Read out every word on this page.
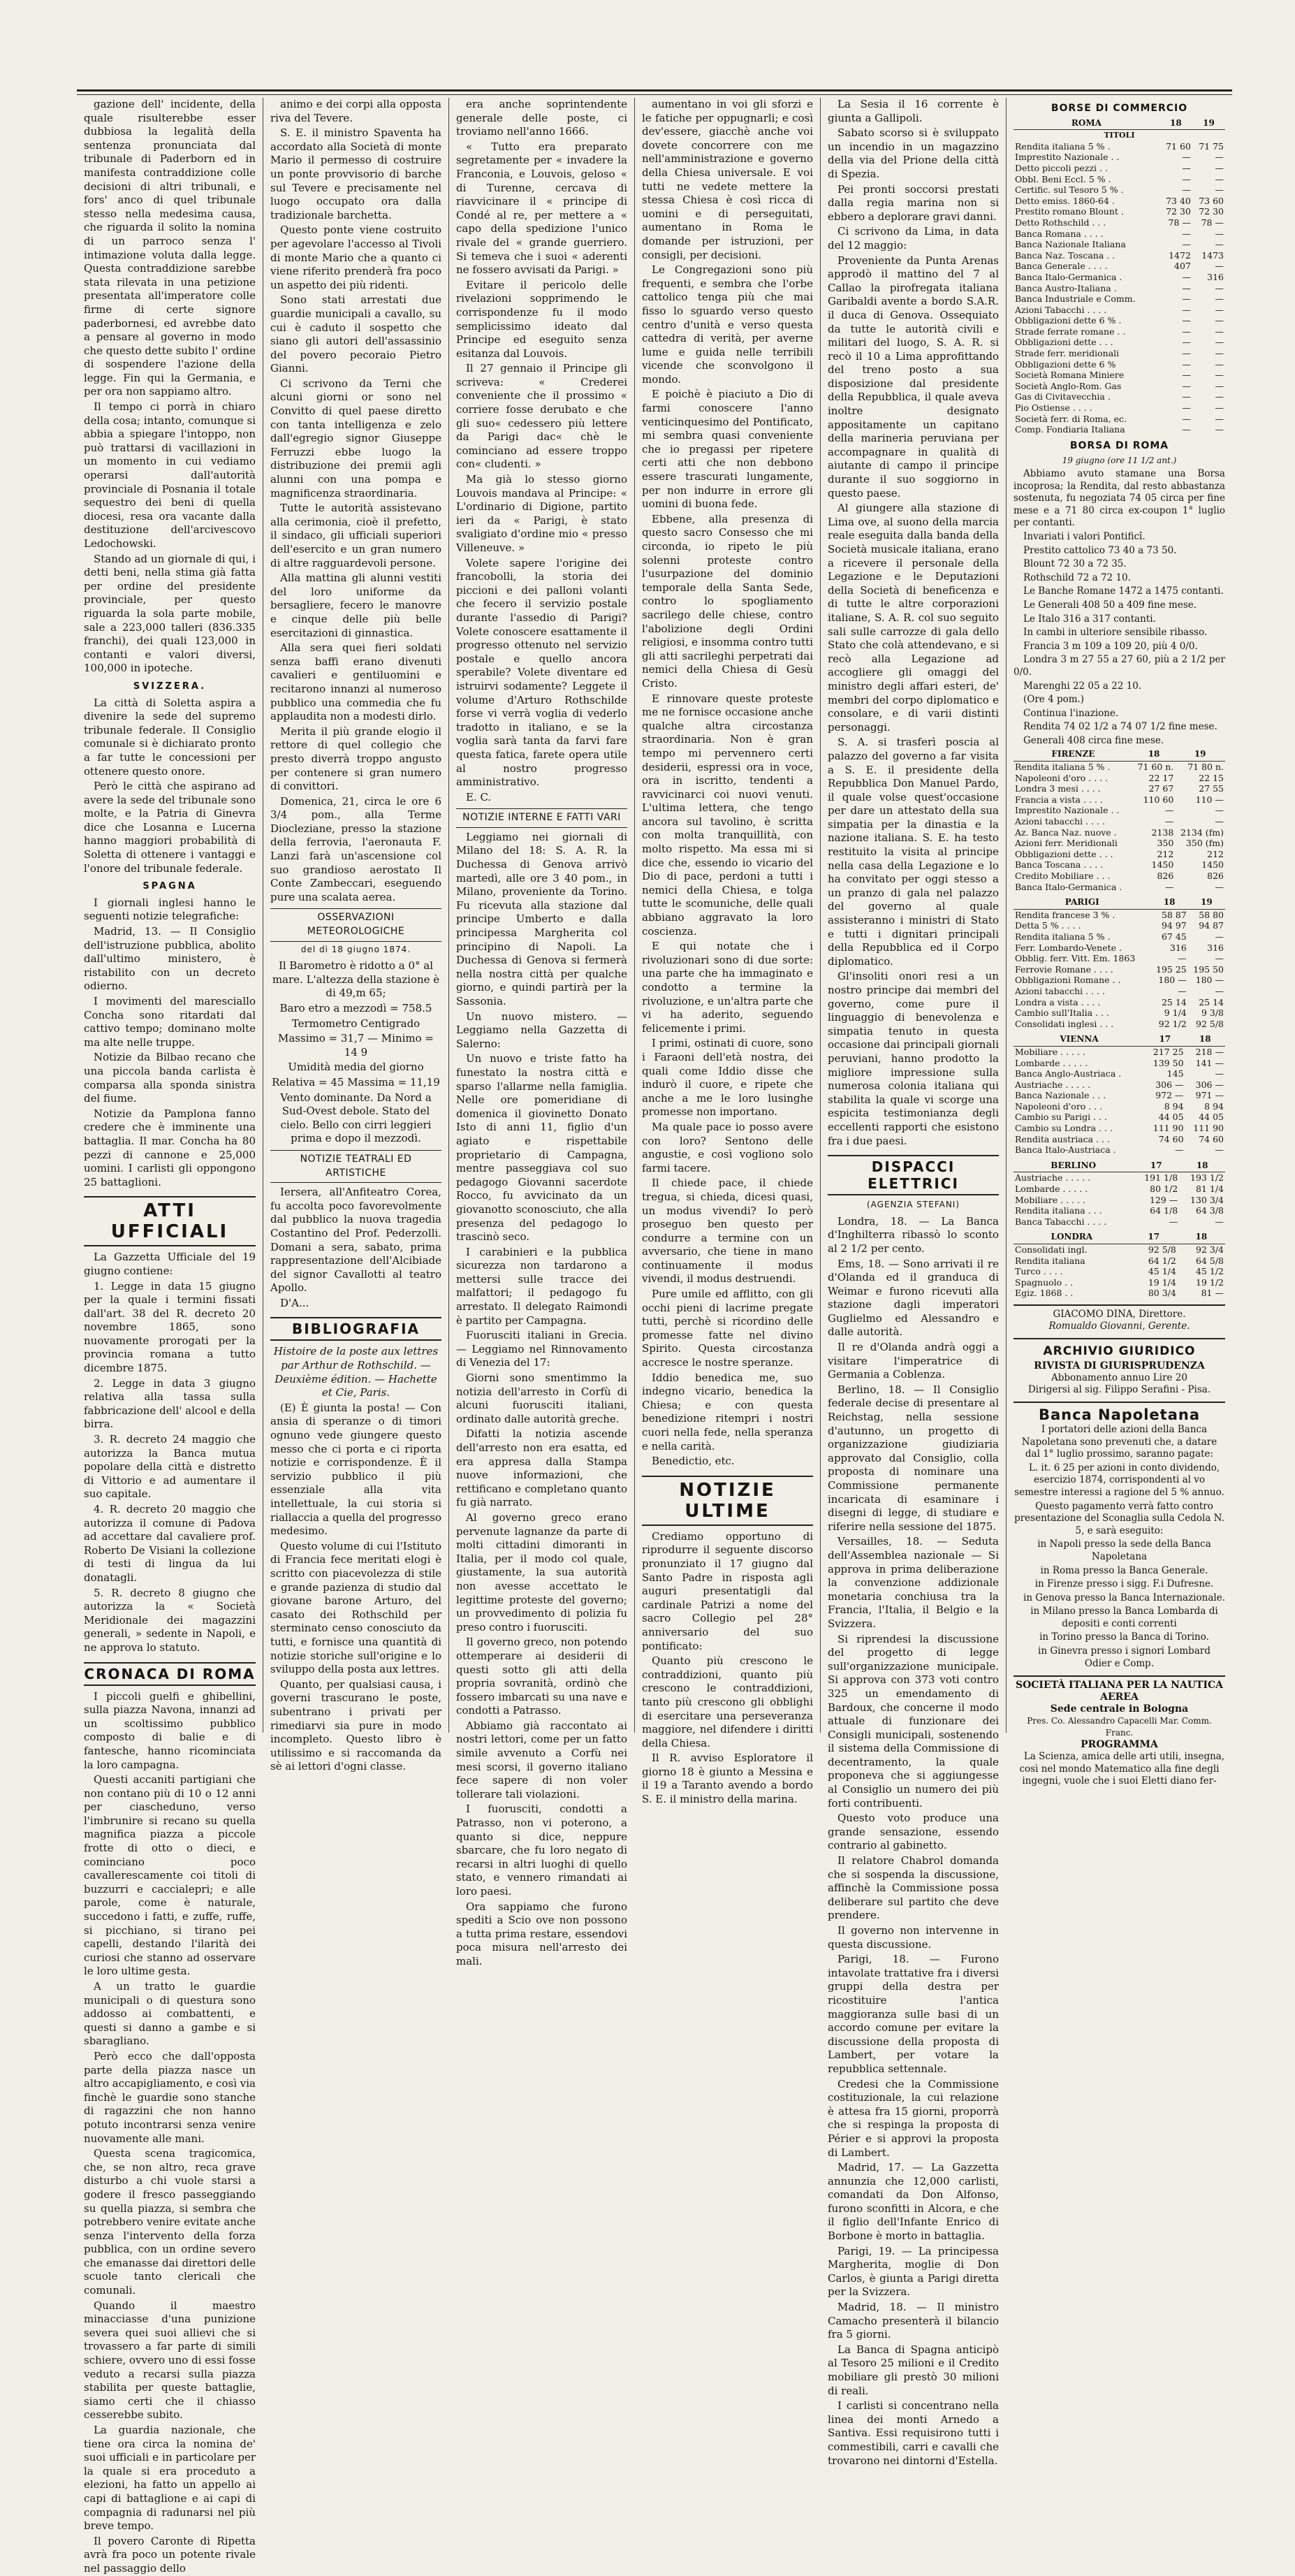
gazione dell' incidente, della quale risulterebbe esser dubbiosa la legalità della sentenza pronunciata dal tribunale di Paderborn ed in manifesta contraddizione colle decisioni di altri tribunali, e fors' anco di quel tribunale stesso nella medesima causa, che riguarda il solito la nomina di un parroco senza l' intimazione voluta dalla legge. Questa contraddizione sarebbe stata rilevata in una petizione presentata all'imperatore colle firme di certe signore paderbornesi, ed avrebbe dato a pensare al governo in modo che questo dette subito l' ordine di sospendere l'azione della legge. Fin qui la Germania, e per ora non sappiamo altro.

Il tempo ci porrà in chiaro della cosa; intanto, comunque si abbia a spiegare l'intoppo, non può trattarsi di vacillazioni in un momento in cui vediamo operarsi dall'autorità provinciale di Posnania il totale sequestro dei beni di quella diocesi, resa ora vacante dalla destituzione dell'arcivescovo Ledochowski.

Stando ad un giornale di qui, i detti beni, nella stima già fatta per ordine del presidente provinciale, per questo riguarda la sola parte mobile, sale a 223,000 talleri (836.335 franchi), dei quali 123,000 in contanti e valori diversi, 100,000 in ipoteche.

SVIZZERA.

La città di Soletta aspira a divenire la sede del supremo tribunale federale. Il Consiglio comunale si è dichiarato pronto a far tutte le concessioni per ottenere questo onore.

Però le città che aspirano ad avere la sede del tribunale sono molte, e la Patria di Ginevra dice che Losanna e Lucerna hanno maggiori probabilità di Soletta di ottenere i vantaggi e l'onore del tribunale federale.

SPAGNA

I giornali inglesi hanno le seguenti notizie telegrafiche:

Madrid, 13. — Il Consiglio dell'istruzione pubblica, abolito dall'ultimo ministero, è ristabilito con un decreto odierno.

I movimenti del maresciallo Concha sono ritardati dal cattivo tempo; dominano molte ma alte nelle truppe.

Notizie da Bilbao recano che una piccola banda carlista è comparsa alla sponda sinistra del fiume.

Notizie da Pamplona fanno credere che è imminente una battaglia. Il mar. Concha ha 80 pezzi di cannone e 25,000 uomini. I carlisti gli oppongono 25 battaglioni.

ATTI UFFICIALI

La Gazzetta Ufficiale del 19 giugno contiene:

1. Legge in data 15 giugno per la quale i termini fissati dall'art. 38 del R. decreto 20 novembre 1865, sono nuovamente prorogati per la provincia romana a tutto dicembre 1875.

2. Legge in data 3 giugno relativa alla tassa sulla fabbricazione dell' alcool e della birra.

3. R. decreto 24 maggio che autorizza la Banca mutua popolare della città e distretto di Vittorio e ad aumentare il suo capitale.

4. R. decreto 20 maggio che autorizza il comune di Padova ad accettare dal cavaliere prof. Roberto De Visiani la collezione di testi di lingua da lui donatagli.

5. R. decreto 8 giugno che autorizza la « Società Meridionale dei magazzini generali, » sedente in Napoli, e ne approva lo statuto.

CRONACA DI ROMA

I piccoli guelfi e ghibellini, sulla piazza Navona, innanzi ad un scoltissimo pubblico composto di balie e di fantesche, hanno ricominciata la loro campagna.

Questi accaniti partigiani che non contano più di 10 o 12 anni per ciascheduno, verso l'imbrunire si recano su quella magnifica piazza a piccole frotte di otto o dieci, e cominciano poco cavallerescamente coi titoli di buzzurri e caccialepri; e alle parole, come è naturale, succedono i fatti, e zuffe, ruffe, si picchiano, si tirano pei capelli, destando l'ilarità dei curiosi che stanno ad osservare le loro ultime gesta.

A un tratto le guardie municipali o di questura sono addosso ai combattenti, e questi si danno a gambe e si sbaragliano.

Però ecco che dall'opposta parte della piazza nasce un altro accapigliamento, e così via finchè le guardie sono stanche di ragazzini che non hanno potuto incontrarsi senza venire nuovamente alle mani.

Questa scena tragicomica, che, se non altro, reca grave disturbo a chi vuole starsi a godere il fresco passeggiando su quella piazza, si sembra che potrebbero venire evitate anche senza l'intervento della forza pubblica, con un ordine severo che emanasse dai direttori delle scuole tanto clericali che comunali.

Quando il maestro minacciasse d'una punizione severa quei suoi allievi che si trovassero a far parte di simili schiere, ovvero uno di essi fosse veduto a recarsi sulla piazza stabilita per queste battaglie, siamo certi che il chiasso cesserebbe subito.

La guardia nazionale, che tiene ora circa la nomina de' suoi ufficiali e in particolare per la quale si era proceduto a elezioni, ha fatto un appello ai capi di battaglione e ai capi di compagnia di radunarsi nel più breve tempo.

Il povero Caronte di Ripetta avrà fra poco un potente rivale nel passaggio dello

animo e dei corpi alla opposta riva del Tevere.

S. E. il ministro Spaventa ha accordato alla Società di monte Mario il permesso di costruire un ponte provvisorio di barche sul Tevere e precisamente nel luogo occupato ora dalla tradizionale barchetta.

Questo ponte viene costruito per agevolare l'accesso al Tivoli di monte Mario che a quanto ci viene riferito prenderà fra poco un aspetto dei più ridenti.

Sono stati arrestati due guardie municipali a cavallo, su cui è caduto il sospetto che siano gli autori dell'assassinio del povero pecoraio Pietro Gianni.

Ci scrivono da Terni che alcuni giorni or sono nel Convitto di quel paese diretto con tanta intelligenza e zelo dall'egregio signor Giuseppe Ferruzzi ebbe luogo la distribuzione dei premii agli alunni con una pompa e magnificenza straordinaria.

Tutte le autorità assistevano alla cerimonia, cioè il prefetto, il sindaco, gli ufficiali superiori dell'esercito e un gran numero di altre ragguardevoli persone.

Alla mattina gli alunni vestiti del loro uniforme da bersagliere, fecero le manovre e cinque delle più belle esercitazioni di ginnastica.

Alla sera quei fieri soldati senza baffi erano divenuti cavalieri e gentiluomini e recitarono innanzi al numeroso pubblico una commedia che fu applaudita non a modesti dirlo.

Merita il più grande elogio il rettore di quel collegio che presto diverrà troppo angusto per contenere si gran numero di convittori.

Domenica, 21, circa le ore 6 3/4 pom., alla Terme Diocleziane, presso la stazione della ferrovia, l'aeronauta F. Lanzi farà un'ascensione col suo grandioso aerostato Il Conte Zambeccari, eseguendo pure una scalata aerea.

OSSERVAZIONI METEOROLOGICHE
del dì 18 giugno 1874.

Il Barometro è ridotto a 0° al mare. L'altezza della stazione è di 49,m 65;

Baro etro a mezzodì = 758.5

Termometro Centigrado

Massimo = 31,7 — Minimo = 14 9

Umidità media del giorno

Relativa = 45 Massima = 11,19

Vento dominante. Da Nord a Sud-Ovest debole. Stato del cielo. Bello con cirri leggieri prima e dopo il mezzodì.

NOTIZIE TEATRALI ED ARTISTICHE

Iersera, all'Anfiteatro Corea, fu accolta poco favorevolmente dal pubblico la nuova tragedia Costantino del Prof. Pederzolli. Domani a sera, sabato, prima rappresentazione dell'Alcibiade del signor Cavallotti al teatro Apollo.

D'A...

BIBLIOGRAFIA

Histoire de la poste aux lettres par Arthur de Rothschild. — Deuxième édition. — Hachette et Cie, Paris.

(E) È giunta la posta! — Con ansia di speranze o di timori ognuno vede giungere questo messo che ci porta e ci riporta notizie e corrispondenze. È il servizio pubblico il più essenziale alla vita intellettuale, la cui storia si riallaccia a quella del progresso medesimo.

Questo volume di cui l'Istituto di Francia fece meritati elogi è scritto con piacevolezza di stile e grande pazienza di studio dal giovane barone Arturo, del casato dei Rothschild per sterminato censo conosciuto da tutti, e fornisce una quantità di notizie storiche sull'origine e lo sviluppo della posta aux lettres.

Quanto, per qualsiasi causa, i governi trascurano le poste, subentrano i privati per rimediarvi sia pure in modo incompleto. Questo libro è utilissimo e si raccomanda da sè ai lettori d'ogni classe.

era anche soprintendente generale delle poste, ci troviamo nell'anno 1666.

« Tutto era preparato segretamente per « invadere la Franconia, e Louvois, geloso « di Turenne, cercava di riavvicinare il « principe di Condé al re, per mettere a « capo della spedizione l'unico rivale del « grande guerriero. Si temeva che i suoi « aderenti ne fossero avvisati da Parigi. »

Evitare il pericolo delle rivelazioni sopprimendo le corrispondenze fu il modo semplicissimo ideato dal Principe ed eseguito senza esitanza dal Louvois.

Il 27 gennaio il Principe gli scriveva: « Crederei conveniente che il prossimo « corriere fosse derubato e che gli suo« cedessero più lettere da Parigi dac« chè le cominciano ad essere troppo con« cludenti. »

Ma già lo stesso giorno Louvois mandava al Principe: « L'ordinario di Digione, partito ieri da « Parigi, è stato svaligiato d'ordine mio « presso Villeneuve. »

Volete sapere l'origine dei francobolli, la storia dei piccioni e dei palloni volanti che fecero il servizio postale durante l'assedio di Parigi? Volete conoscere esattamente il progresso ottenuto nel servizio postale e quello ancora sperabile? Volete diventare ed istruirvi sodamente? Leggete il volume d'Arturo Rothschilde forse vi verrà voglia di vederlo tradotto in italiano, e se la voglia sarà tanta da farvi fare questa fatica, farete opera utile al nostro progresso amministrativo.

E. C.

NOTIZIE INTERNE E FATTI VARI

Leggiamo nei giornali di Milano del 18: S. A. R. la Duchessa di Genova arrivò martedì, alle ore 3 40 pom., in Milano, proveniente da Torino. Fu ricevuta alla stazione dal principe Umberto e dalla principessa Margherita col principino di Napoli. La Duchessa di Genova si fermerà nella nostra città per qualche giorno, e quindi partirà per la Sassonia.

Un nuovo mistero. — Leggiamo nella Gazzetta di Salerno:

Un nuovo e triste fatto ha funestato la nostra città e sparso l'allarme nella famiglia. Nelle ore pomeridiane di domenica il giovinetto Donato Isto di anni 11, figlio d'un agiato e rispettabile proprietario di Campagna, mentre passeggiava col suo pedagogo Giovanni sacerdote Rocco, fu avvicinato da un giovanotto sconosciuto, che alla presenza del pedagogo lo trascinò seco.

I carabinieri e la pubblica sicurezza non tardarono a mettersi sulle tracce dei malfattori; il pedagogo fu arrestato. Il delegato Raimondi è partito per Campagna.

Fuorusciti italiani in Grecia. — Leggiamo nel Rinnovamento di Venezia del 17:

Giorni sono smentimmo la notizia dell'arresto in Corfù di alcuni fuorusciti italiani, ordinato dalle autorità greche.

Difatti la notizia ascende dell'arresto non era esatta, ed era appresa dalla Stampa nuove informazioni, che rettificano e completano quanto fu già narrato.

Al governo greco erano pervenute lagnanze da parte di molti cittadini dimoranti in Italia, per il modo col quale, giustamente, la sua autorità non avesse accettato le legittime proteste del governo; un provvedimento di polizia fu preso contro i fuorusciti.

Il governo greco, non potendo ottemperare ai desiderii di questi sotto gli atti della propria sovranità, ordinò che fossero imbarcati su una nave e condotti a Patrasso.

Abbiamo già raccontato ai nostri lettori, come per un fatto simile avvenuto a Corfù nei mesi scorsi, il governo italiano fece sapere di non voler tollerare tali violazioni.

I fuorusciti, condotti a Patrasso, non vi poterono, a quanto si dice, neppure sbarcare, che fu loro negato di recarsi in altri luoghi di quello stato, e vennero rimandati ai loro paesi.

Ora sappiamo che furono spediti a Scio ove non possono a tutta prima restare, essendovi poca misura nell'arresto dei mali.

aumentano in voi gli sforzi e le fatiche per oppugnarli; e così dev'essere, giacchè anche voi dovete concorrere con me nell'amministrazione e governo della Chiesa universale. E voi tutti ne vedete mettere la stessa Chiesa è così ricca di uomini e di perseguitati, aumentano in Roma le domande per istruzioni, per consigli, per decisioni.

Le Congregazioni sono più frequenti, e sembra che l'orbe cattolico tenga più che mai fisso lo sguardo verso questo centro d'unità e verso questa cattedra di verità, per averne lume e guida nelle terribili vicende che sconvolgono il mondo.

E poichè è piaciuto a Dio di farmi conoscere l'anno venticinquesimo del Pontificato, mi sembra quasi conveniente che io pregassi per ripetere certi atti che non debbono essere trascurati lungamente, per non indurre in errore gli uomini di buona fede.

Ebbene, alla presenza di questo sacro Consesso che mi circonda, io ripeto le più solenni proteste contro l'usurpazione del dominio temporale della Santa Sede, contro lo spogliamento sacrilego delle chiese, contro l'abolizione degli Ordini religiosi, e insomma contro tutti gli atti sacrileghi perpetrati dai nemici della Chiesa di Gesù Cristo.

E rinnovare queste proteste me ne fornisce occasione anche qualche altra circostanza straordinaria. Non è gran tempo mi pervennero certi desiderii, espressi ora in voce, ora in iscritto, tendenti a ravvicinarci coi nuovi venuti. L'ultima lettera, che tengo ancora sul tavolino, è scritta con molta tranquillità, con molto rispetto. Ma essa mi si dice che, essendo io vicario del Dio di pace, perdoni a tutti i nemici della Chiesa, e tolga tutte le scomuniche, delle quali abbiano aggravato la loro coscienza.

E qui notate che i rivoluzionari sono di due sorte: una parte che ha immaginato e condotto a termine la rivoluzione, e un'altra parte che vi ha aderito, seguendo felicemente i primi.

I primi, ostinati di cuore, sono i Faraoni dell'età nostra, dei quali come Iddio disse che indurò il cuore, e ripete che anche a me le loro lusinghe promesse non importano.

Ma quale pace io posso avere con loro? Sentono delle angustie, e così vogliono solo farmi tacere.

Il chiede pace, il chiede tregua, si chieda, dicesi quasi, un modus vivendi? Io però proseguo ben questo per condurre a termine con un avversario, che tiene in mano continuamente il modus vivendi, il modus destruendi.

Pure umile ed afflitto, con gli occhi pieni di lacrime pregate tutti, perchè si ricordino delle promesse fatte nel divino Spirito. Questa circostanza accresce le nostre speranze.

Iddio benedica me, suo indegno vicario, benedica la Chiesa; e con questa benedizione ritempri i nostri cuori nella fede, nella speranza e nella carità.

Benedictio, etc.

NOTIZIE ULTIME

Crediamo opportuno di riprodurre il seguente discorso pronunziato il 17 giugno dal Santo Padre in risposta agli auguri presentatigli dal cardinale Patrizi a nome del sacro Collegio pel 28° anniversario del suo pontificato:

Quanto più crescono le contraddizioni, quanto più crescono le contraddizioni, tanto più crescono gli obblighi di esercitare una perseveranza maggiore, nel difendere i diritti della Chiesa.

Il R. avviso Esploratore il giorno 18 è giunto a Messina e il 19 a Taranto avendo a bordo S. E. il ministro della marina.

La Sesia il 16 corrente è giunta a Gallipoli.

Sabato scorso si è sviluppato un incendio in un magazzino della via del Prione della città di Spezia.

Pei pronti soccorsi prestati dalla regia marina non si ebbero a deplorare gravi danni.

Ci scrivono da Lima, in data del 12 maggio:

Proveniente da Punta Arenas approdò il mattino del 7 al Callao la pirofregata italiana Garibaldi avente a bordo S.A.R. il duca di Genova. Ossequiato da tutte le autorità civili e militari del luogo, S. A. R. si recò il 10 a Lima approfittando del treno posto a sua disposizione dal presidente della Repubblica, il quale aveva inoltre designato appositamente un capitano della marineria peruviana per accompagnare in qualità di aiutante di campo il principe durante il suo soggiorno in questo paese.

Al giungere alla stazione di Lima ove, al suono della marcia reale eseguita dalla banda della Società musicale italiana, erano a ricevere il personale della Legazione e le Deputazioni della Società di beneficenza e di tutte le altre corporazioni italiane, S. A. R. col suo seguito sali sulle carrozze di gala dello Stato che colà attendevano, e si recò alla Legazione ad accogliere gli omaggi del ministro degli affari esteri, de' membri del corpo diplomatico e consolare, e di varii distinti personaggi.

S. A. si trasferì poscia al palazzo del governo a far visita a S. E. il presidente della Repubblica Don Manuel Pardo, il quale volse quest'occasione per dare un attestato della sua simpatia per la dinastia e la nazione italiana. S. E. ha testo restituito la visita al principe nella casa della Legazione e lo ha convitato per oggi stesso a un pranzo di gala nel palazzo del governo al quale assisteranno i ministri di Stato e tutti i dignitari principali della Repubblica ed il Corpo diplomatico.

Gl'insoliti onori resi a un nostro principe dai membri del governo, come pure il linguaggio di benevolenza e simpatia tenuto in questa occasione dai principali giornali peruviani, hanno prodotto la migliore impressione sulla numerosa colonia italiana qui stabilita la quale vi scorge una espicita testimonianza degli eccellenti rapporti che esistono fra i due paesi.

DISPACCI ELETTRICI
(AGENZIA STEFANI)

Londra, 18. — La Banca d'Inghilterra ribassò lo sconto al 2 1/2 per cento.

Ems, 18. — Sono arrivati il re d'Olanda ed il granduca di Weimar e furono ricevuti alla stazione dagli imperatori Guglielmo ed Alessandro e dalle autorità.

Il re d'Olanda andrà oggi a visitare l'imperatrice di Germania a Coblenza.

Berlino, 18. — Il Consiglio federale decise di presentare al Reichstag, nella sessione d'autunno, un progetto di organizzazione giudiziaria approvato dal Consiglio, colla proposta di nominare una Commissione permanente incaricata di esaminare i disegni di legge, di studiare e riferire nella sessione del 1875.

Versailles, 18. — Seduta dell'Assemblea nazionale — Si approva in prima deliberazione la convenzione addizionale monetaria conchiusa tra la Francia, l'Italia, il Belgio e la Svizzera.

Si riprendesi la discussione del progetto di legge sull'organizzazione municipale. Si approva con 373 voti contro 325 un emendamento di Bardoux, che concerne il modo attuale di funzionare dei Consigli municipali, sostenendo il sistema della Commissione di decentramento, la quale proponeva che si aggiungesse al Consiglio un numero dei più forti contribuenti.

Questo voto produce una grande sensazione, essendo contrario al gabinetto.

Il relatore Chabrol domanda che si sospenda la discussione, affinchè la Commissione possa deliberare sul partito che deve prendere.

Il governo non intervenne in questa discussione.

Parigi, 18. — Furono intavolate trattative fra i diversi gruppi della destra per ricostituire l'antica maggioranza sulle basi di un accordo comune per evitare la discussione della proposta di Lambert, per votare la repubblica settennale.

Credesi che la Commissione costituzionale, la cui relazione è attesa fra 15 giorni, proporrà che si respinga la proposta di Périer e si approvi la proposta di Lambert.

Madrid, 17. — La Gazzetta annunzia che 12,000 carlisti, comandati da Don Alfonso, furono sconfitti in Alcora, e che il figlio dell'Infante Enrico di Borbone è morto in battaglia.

Parigi, 19. — La principessa Margherita, moglie di Don Carlos, è giunta a Parigi diretta per la Svizzera.

Madrid, 18. — Il ministro Camacho presenterà il bilancio fra 5 giorni.

La Banca di Spagna anticipò al Tesoro 25 milioni e il Credito mobiliare gli prestò 30 milioni di reali.

I carlisti si concentrano nella linea dei monti Arnedo a Santiva. Essi requisirono tutti i commestibili, carri e cavalli che trovarono nei dintorni d'Estella.

BORSE DI COMMERCIO
ROMA	18	19
TITOLI		
Rendita italiana 5 % .	71 60	71 75
Imprestito Nazionale . .	—	—
Detto piccoli pezzi . .	—	—
Obbl. Beni Eccl. 5 % .	—	—
Certific. sul Tesoro 5 % .	—	—
Detto emiss. 1860-64 .	73 40	73 60
Prestito romano Blount .	72 30	72 30
Detto Rothschild . . .	78 —	78 —
Banca Romana . . . .	—	—
Banca Nazionale Italiana	—	—
Banca Naz. Toscana . .	1472	1473
Banca Generale . . . .	407	—
Banca Italo-Germanica .	—	316
Banca Austro-Italiana .	—	—
Banca Industriale e Comm.	—	—
Azioni Tabacchi . . . .	—	—
Obbligazioni dette 6 % .	—	—
Strade ferrate romane . .	—	—
Obbligazioni dette . . .	—	—
Strade ferr. meridionali	—	—
Obbligazioni dette 6 %	—	—
Società Romana Miniere	—	—
Società Anglo-Rom. Gas	—	—
Gas di Civitavecchia .	—	—
Pio Ostiense . . . .	—	—
Società ferr. di Roma, ec.	—	—
Comp. Fondiaria Italiana	—	—
BORSA DI ROMA
19 giugno (ore 11 1/2 ant.)

Abbiamo avuto stamane una Borsa incoprosa; la Rendita, dal resto abbastanza sostenuta, fu negoziata 74 05 circa per fine mese e a 71 80 circa ex-coupon 1° luglio per contanti.

Invariati i valori Pontificî.

Prestito cattolico 73 40 a 73 50.

Blount 72 30 a 72 35.

Rothschild 72 a 72 10.

Le Banche Romane 1472 a 1475 contanti.

Le Generali 408 50 a 409 fine mese.

Le Italo 316 a 317 contanti.

In cambi in ulteriore sensibile ribasso.

Francia 3 m 109 a 109 20, più 4 0/0.

Londra 3 m 27 55 a 27 60, più a 2 1/2 per 0/0.

Marenghi 22 05 a 22 10.

(Ore 4 pom.)

Continua l'inazione.

Rendita 74 02 1/2 a 74 07 1/2 fine mese.

Generali 408 circa fine mese.

FIRENZE	18	19
Rendita italiana 5 % .	71 60 n.	71 80 n.
Napoleoni d'oro . . . .	22 17	22 15
Londra 3 mesi . . . .	27 67	27 55
Francia a vista . . . .	110 60	110 —
Imprestito Nazionale . .	—	—
Azioni tabacchi . . . .	—	—
Az. Banca Naz. nuove .	2138	2134 (fm)
Azioni ferr. Meridionali	350	350 (fm)
Obbligazioni dette . . .	212	212
Banca Toscana . . . .	1450	1450
Credito Mobiliare . . .	826	826
Banca Italo-Germanica .	—	—
PARIGI	18	19
Rendita francese 3 % .	58 87	58 80
Detta 5 % . . . .	94 97	94 87
Rendita italiana 5 % .	67 45	—
Ferr. Lombardo-Venete .	316	316
Obblig. ferr. Vitt. Em. 1863	—	—
Ferrovie Romane . . . .	195 25	195 50
Obbligazioni Romane . .	180 —	180 —
Azioni tabacchi . . . .	—	—
Londra a vista . . . .	25 14	25 14
Cambio sull'Italia . . .	9 1/4	9 3/8
Consolidati inglesi . . .	92 1/2	92 5/8
VIENNA	17	18
Mobiliare . . . . .	217 25	218 —
Lombarde . . . . .	139 50	141 —
Banca Anglo-Austriaca .	145	—
Austriache . . . . .	306 —	306 —
Banca Nazionale . . .	972 —	971 —
Napoleoni d'oro . . .	8 94	8 94
Cambio su Parigi . . .	44 05	44 05
Cambio su Londra . . .	111 90	111 90
Rendita austriaca . . .	74 60	74 60
Banca Italo-Austriaca .	—	—
BERLINO	17	18
Austriache . . . . .	191 1/8	193 1/2
Lombarde . . . . .	80 1/2	81 1/4
Mobiliare . . . . .	129 —	130 3/4
Rendita italiana . . .	64 1/8	64 3/8
Banca Tabacchi . . . .	—	—
LONDRA	17	18
Consolidati ingl.	92 5/8	92 3/4
Rendita italiana	64 1/2	64 5/8
Turco . . . .	45 1/4	45 1/2
Spagnuolo . .	19 1/4	19 1/2
Egiz. 1868 . .	80 3/4	81 —
GIACOMO DINA, Direttore.
Romualdo Giovanni, Gerente.
ARCHIVIO GIURIDICO
RIVISTA DI GIURISPRUDENZA
Abbonamento annuo Lire 20
Dirigersi al sig. Filippo Serafini - Pisa.
Banca Napoletana

I portatori delle azioni della Banca Napoletana sono prevenuti che, a datare dal 1° luglio prossimo, saranno pagate:

L. it. 6 25 per azioni in conto dividendo, esercizio 1874, corrispondenti al vo semestre interessi a ragione del 5 % annuo.

Questo pagamento verrà fatto contro presentazione del Sconaglia sulla Cedola N. 5, e sarà eseguito:

in Napoli presso la sede della Banca Napoletana

in Roma presso la Banca Generale.

in Firenze presso i sigg. F.i Dufresne.

in Genova presso la Banca Internazionale.

in Milano presso la Banca Lombarda di depositi e conti correnti

in Torino presso la Banca di Torino.

in Ginevra presso i signori Lombard Odier e Comp.

SOCIETÀ ITALIANA PER LA NAUTICA AEREA
Sede centrale in Bologna
Pres. Co. Alessandro Capacelli Mar. Comm. Franc.
PROGRAMMA

La Scienza, amica delle arti utili, insegna, così nel mondo Matematico alla fine degli ingegni, vuole che i suoi Eletti diano fer-
